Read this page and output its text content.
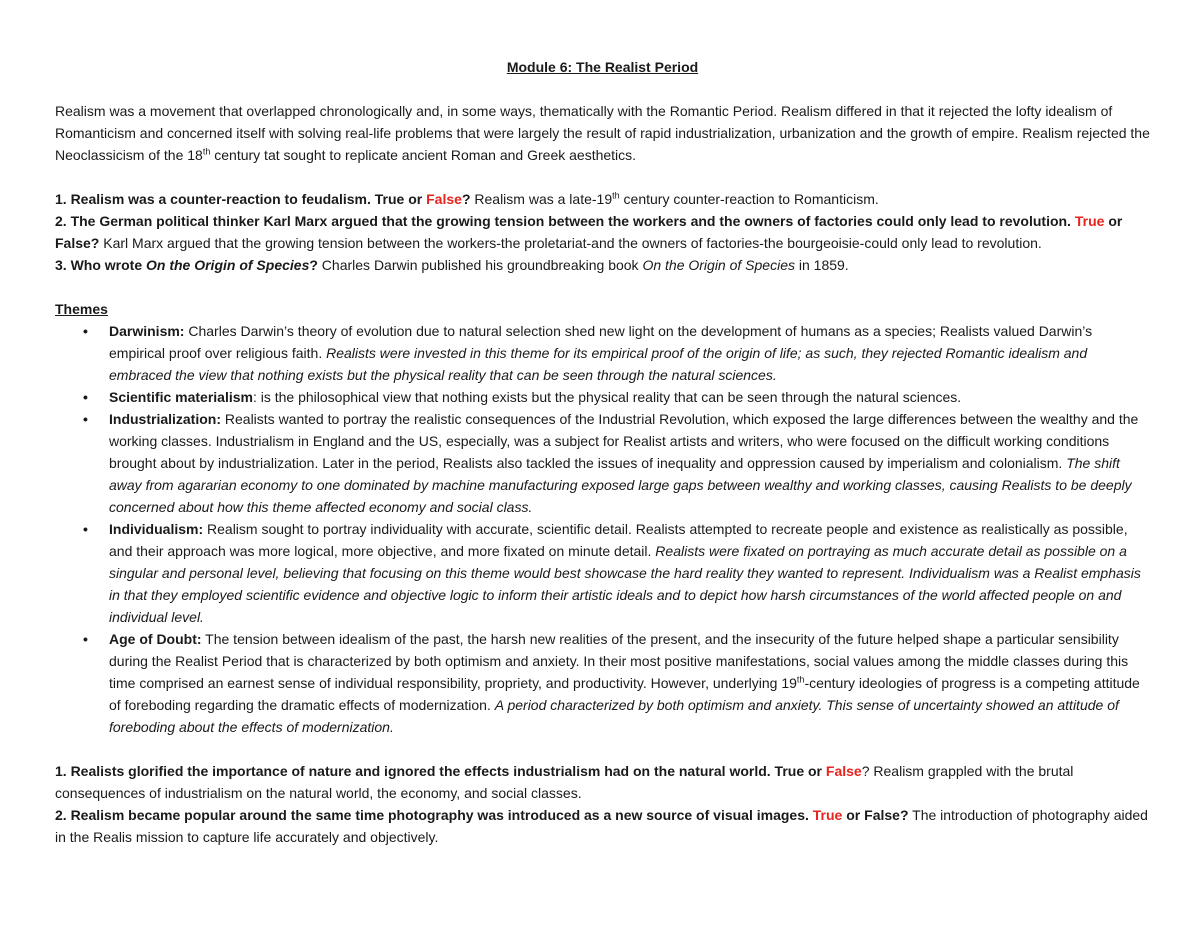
Module 6: The Realist Period

Realism was a movement that overlapped chronologically and, in some ways, thematically with the Romantic Period. Realism differed in that it rejected the lofty idealism of Romanticism and concerned itself with solving real-life problems that were largely the result of rapid industrialization, urbanization and the growth of empire. Realism rejected the Neoclassicism of the 18th century tat sought to replicate ancient Roman and Greek aesthetics.

1. Realism was a counter-reaction to feudalism. True or False? Realism was a late-19th century counter-reaction to Romanticism.

2. The German political thinker Karl Marx argued that the growing tension between the workers and the owners of factories could only lead to revolution. True or False? Karl Marx argued that the growing tension between the workers-the proletariat-and the owners of factories-the bourgeoisie-could only lead to revolution.

3. Who wrote On the Origin of Species? Charles Darwin published his groundbreaking book On the Origin of Species in 1859.

Themes
• Darwinism: Charles Darwin’s theory of evolution due to natural selection shed new light on the development of humans as a species; Realists valued Darwin’s empirical proof over religious faith. Realists were invested in this theme for its empirical proof of the origin of life; as such, they rejected Romantic idealism and embraced the view that nothing exists but the physical reality that can be seen through the natural sciences.
• Scientific materialism: is the philosophical view that nothing exists but the physical reality that can be seen through the natural sciences.
• Industrialization: Realists wanted to portray the realistic consequences of the Industrial Revolution, which exposed the large differences between the wealthy and the working classes. Industrialism in England and the US, especially, was a subject for Realist artists and writers, who were focused on the difficult working conditions brought about by industrialization. Later in the period, Realists also tackled the issues of inequality and oppression caused by imperialism and colonialism. The shift away from agararian economy to one dominated by machine manufacturing exposed large gaps between wealthy and working classes, causing Realists to be deeply concerned about how this theme affected economy and social class.
• Individualism: Realism sought to portray individuality with accurate, scientific detail. Realists attempted to recreate people and existence as realistically as possible, and their approach was more logical, more objective, and more fixated on minute detail. Realists were fixated on portraying as much accurate detail as possible on a singular and personal level, believing that focusing on this theme would best showcase the hard reality they wanted to represent. Individualism was a Realist emphasis in that they employed scientific evidence and objective logic to inform their artistic ideals and to depict how harsh circumstances of the world affected people on and individual level.
• Age of Doubt: The tension between idealism of the past, the harsh new realities of the present, and the insecurity of the future helped shape a particular sensibility during the Realist Period that is characterized by both optimism and anxiety. In their most positive manifestations, social values among the middle classes during this time comprised an earnest sense of individual responsibility, propriety, and productivity. However, underlying 19th-century ideologies of progress is a competing attitude of foreboding regarding the dramatic effects of modernization. A period characterized by both optimism and anxiety. This sense of uncertainty showed an attitude of foreboding about the effects of modernization.

1. Realists glorified the importance of nature and ignored the effects industrialism had on the natural world. True or False? Realism grappled with the brutal consequences of industrialism on the natural world, the economy, and social classes.

2. Realism became popular around the same time photography was introduced as a new source of visual images. True or False? The introduction of photography aided in the Realis mission to capture life accurately and objectively.
